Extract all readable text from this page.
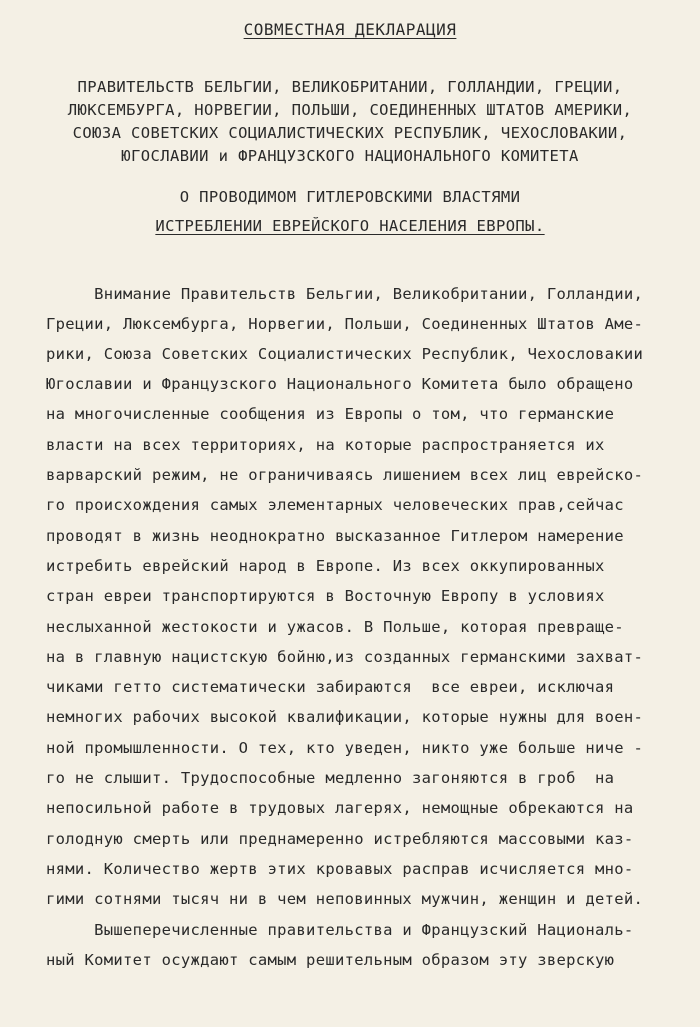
СОВМЕСТНАЯ ДЕКЛАРАЦИЯ
ПРАВИТЕЛЬСТВ БЕЛЬГИИ, ВЕЛИКОБРИТАНИИ, ГОЛЛАНДИИ, ГРЕЦИИ,
ЛЮКСЕМБУРГА, НОРВЕГИИ, ПОЛЬШИ, СОЕДИНЕННЫХ ШТАТОВ АМЕРИКИ,
СОЮЗА СОВЕТСКИХ СОЦИАЛИСТИЧЕСКИХ РЕСПУБЛИК, ЧЕХОСЛОВАКИИ,
ЮГОСЛАВИИ и ФРАНЦУЗСКОГО НАЦИОНАЛЬНОГО КОМИТЕТА
О ПРОВОДИМОМ ГИТЛЕРОВСКИМИ ВЛАСТЯМИ
ИСТРЕБЛЕНИИ ЕВРЕЙСКОГО НАСЕЛЕНИЯ ЕВРОПЫ.
Внимание Правительств Бельгии, Великобритании, Голландии,
Греции, Люксембурга, Норвегии, Польши, Соединенных Штатов Аме-
рики, Союза Советских Социалистических Республик, Чехословакии
Югославии и Французского Национального Комитета было обращено
на многочисленные сообщения из Европы о том, что германские
власти на всех территориях, на которые распространяется их
варварский режим, не ограничиваясь лишением всех лиц еврейско-
го происхождения самых элементарных человеческих прав,сейчас
проводят в жизнь неоднократно высказанное Гитлером намерение
истребить еврейский народ в Европе. Из всех оккупированных
стран евреи транспортируются в Восточную Европу в условиях
неслыханной жестокости и ужасов. В Польше, которая превраще-
на в главную нацистскую бойню,из созданных германскими захват-
чиками гетто систематически забираются  все евреи, исключая
немногих рабочих высокой квалификации, которые нужны для воен-
ной промышленности. О тех, кто уведен, никто уже больше ниче -
го не слышит. Трудоспособные медленно загоняются в гроб  на
непосильной работе в трудовых лагерях, немощные обрекаются на
голодную смерть или преднамеренно истребляются массовыми каз-
нями. Количество жертв этих кровавых расправ исчисляется мно-
гими сотнями тысяч ни в чем неповинных мужчин, женщин и детей.
Вышеперечисленные правительства и Французский Националь-
ный Комитет осуждают самым решительным образом эту зверскую
